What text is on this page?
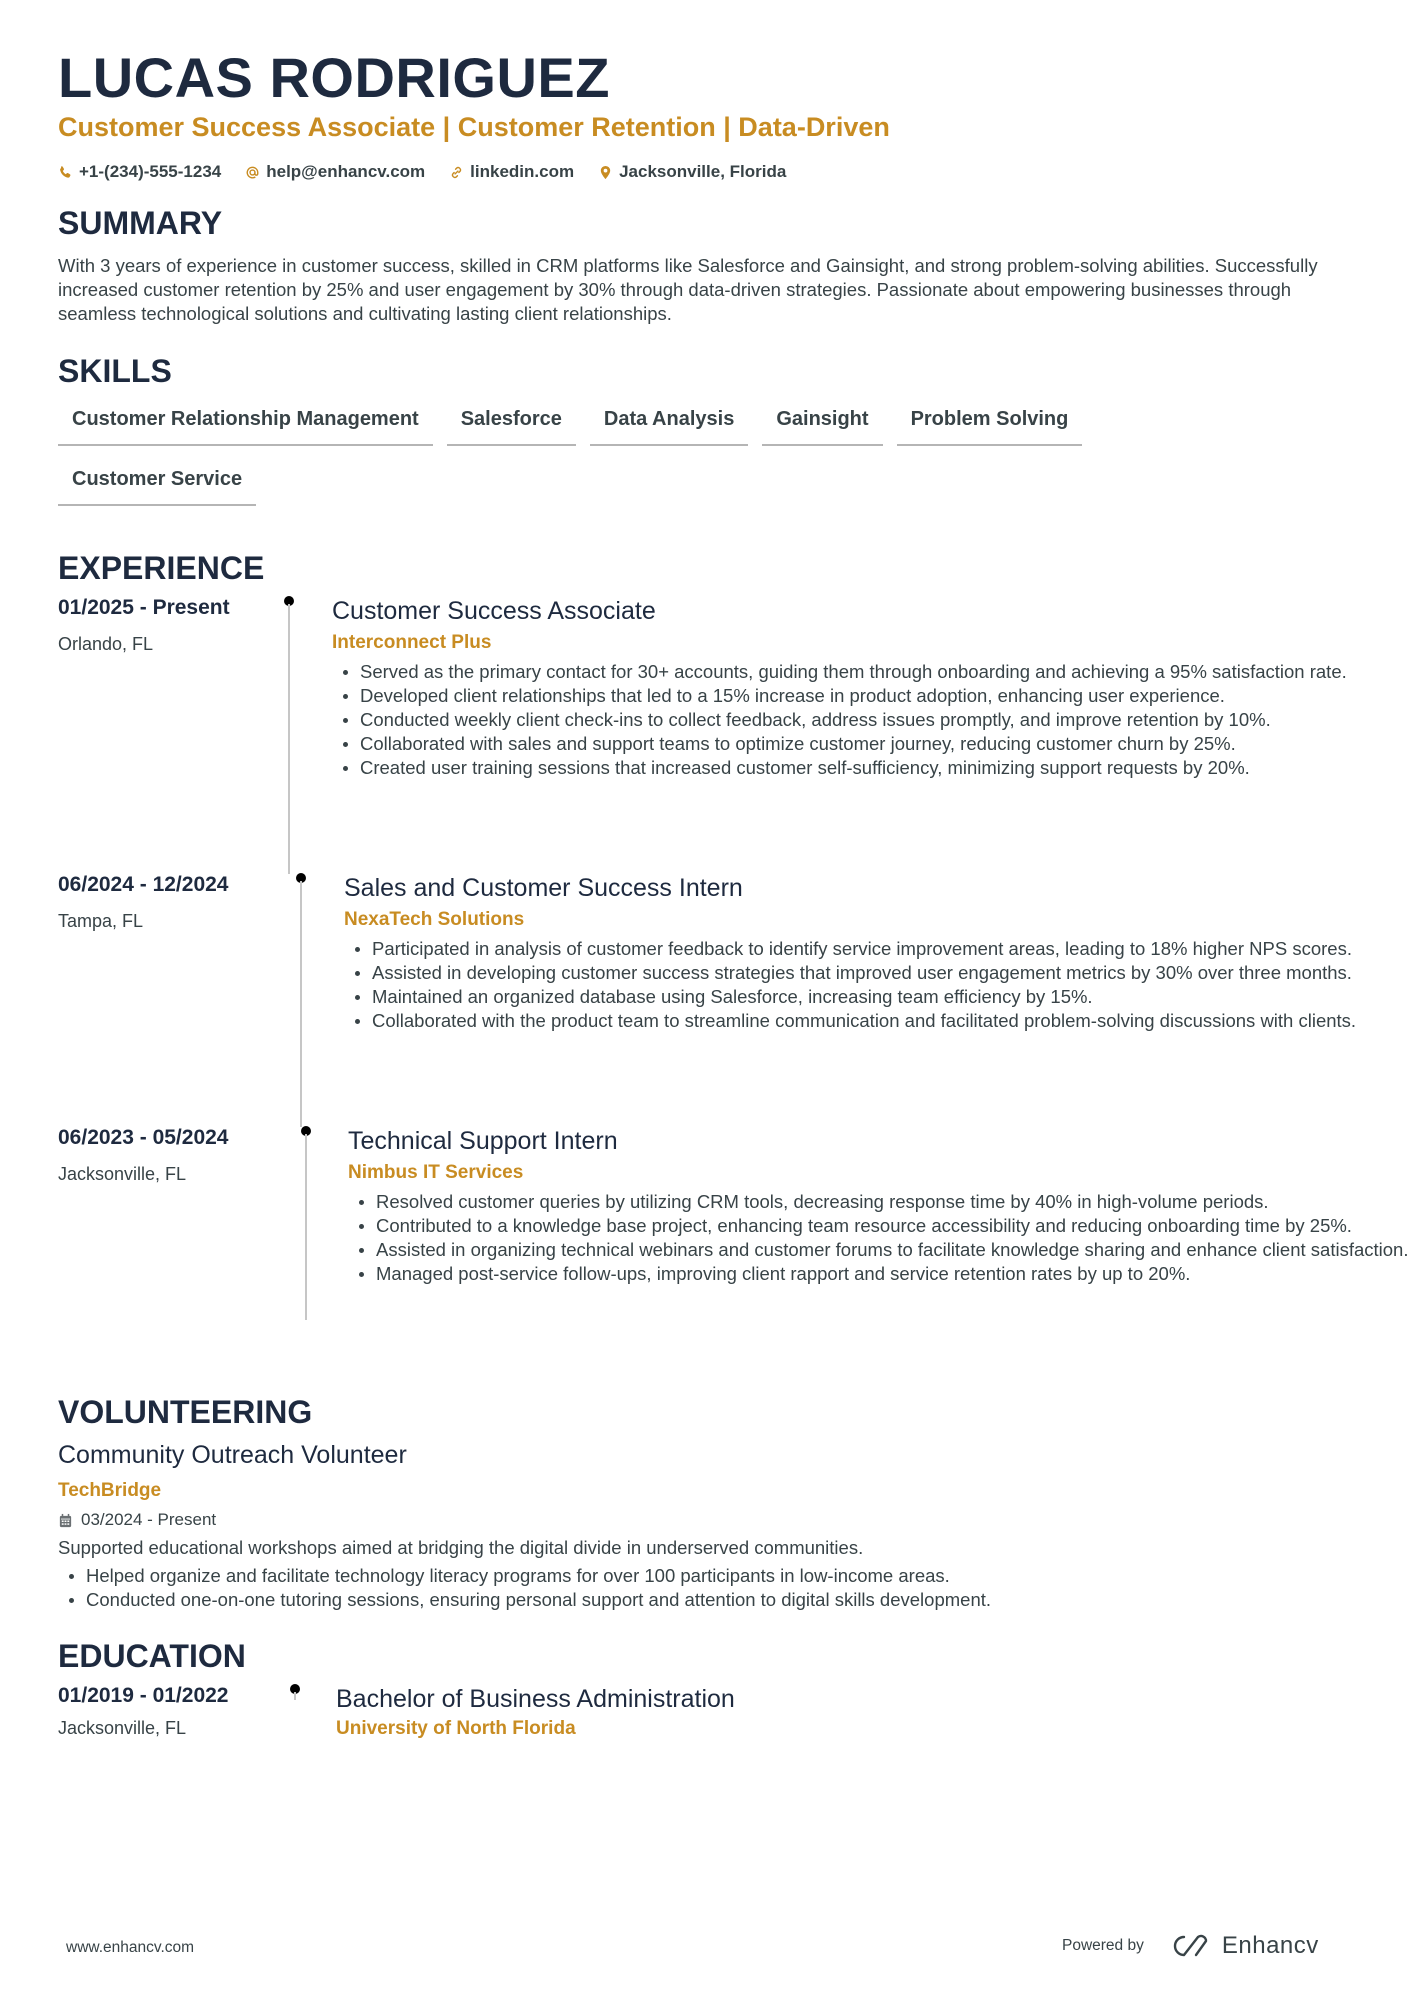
LUCAS RODRIGUEZ
Customer Success Associate | Customer Retention | Data-Driven
+1-(234)-555-1234	help@enhancv.com	linkedin.com	Jacksonville, Florida
SUMMARY

With 3 years of experience in customer success, skilled in CRM platforms like Salesforce and Gainsight, and strong problem-solving abilities. Successfully increased customer retention by 25% and user engagement by 30% through data-driven strategies. Passionate about empowering businesses through seamless technological solutions and cultivating lasting client relationships.

SKILLS
Customer Relationship Management	Salesforce	Data Analysis	Gainsight	Problem Solving
Customer Service
EXPERIENCE
01/2025 - Present
Orlando, FL
Customer Success Associate
Interconnect Plus
Served as the primary contact for 30+ accounts, guiding them through onboarding and achieving a 95% satisfaction rate.
Developed client relationships that led to a 15% increase in product adoption, enhancing user experience.
Conducted weekly client check-ins to collect feedback, address issues promptly, and improve retention by 10%.
Collaborated with sales and support teams to optimize customer journey, reducing customer churn by 25%.
Created user training sessions that increased customer self-sufficiency, minimizing support requests by 20%.
06/2024 - 12/2024
Tampa, FL
Sales and Customer Success Intern
NexaTech Solutions
Participated in analysis of customer feedback to identify service improvement areas, leading to 18% higher NPS scores.
Assisted in developing customer success strategies that improved user engagement metrics by 30% over three months.
Maintained an organized database using Salesforce, increasing team efficiency by 15%.
Collaborated with the product team to streamline communication and facilitated problem-solving discussions with clients.
06/2023 - 05/2024
Jacksonville, FL
Technical Support Intern
Nimbus IT Services
Resolved customer queries by utilizing CRM tools, decreasing response time by 40% in high-volume periods.
Contributed to a knowledge base project, enhancing team resource accessibility and reducing onboarding time by 25%.
Assisted in organizing technical webinars and customer forums to facilitate knowledge sharing and enhance client satisfaction.
Managed post-service follow-ups, improving client rapport and service retention rates by up to 20%.
VOLUNTEERING
Community Outreach Volunteer
TechBridge
03/2024 - Present

Supported educational workshops aimed at bridging the digital divide in underserved communities.

Helped organize and facilitate technology literacy programs for over 100 participants in low-income areas.
Conducted one-on-one tutoring sessions, ensuring personal support and attention to digital skills development.
EDUCATION
01/2019 - 01/2022
Jacksonville, FL
Bachelor of Business Administration
University of North Florida
www.enhancv.com	Powered by	Enhancv
